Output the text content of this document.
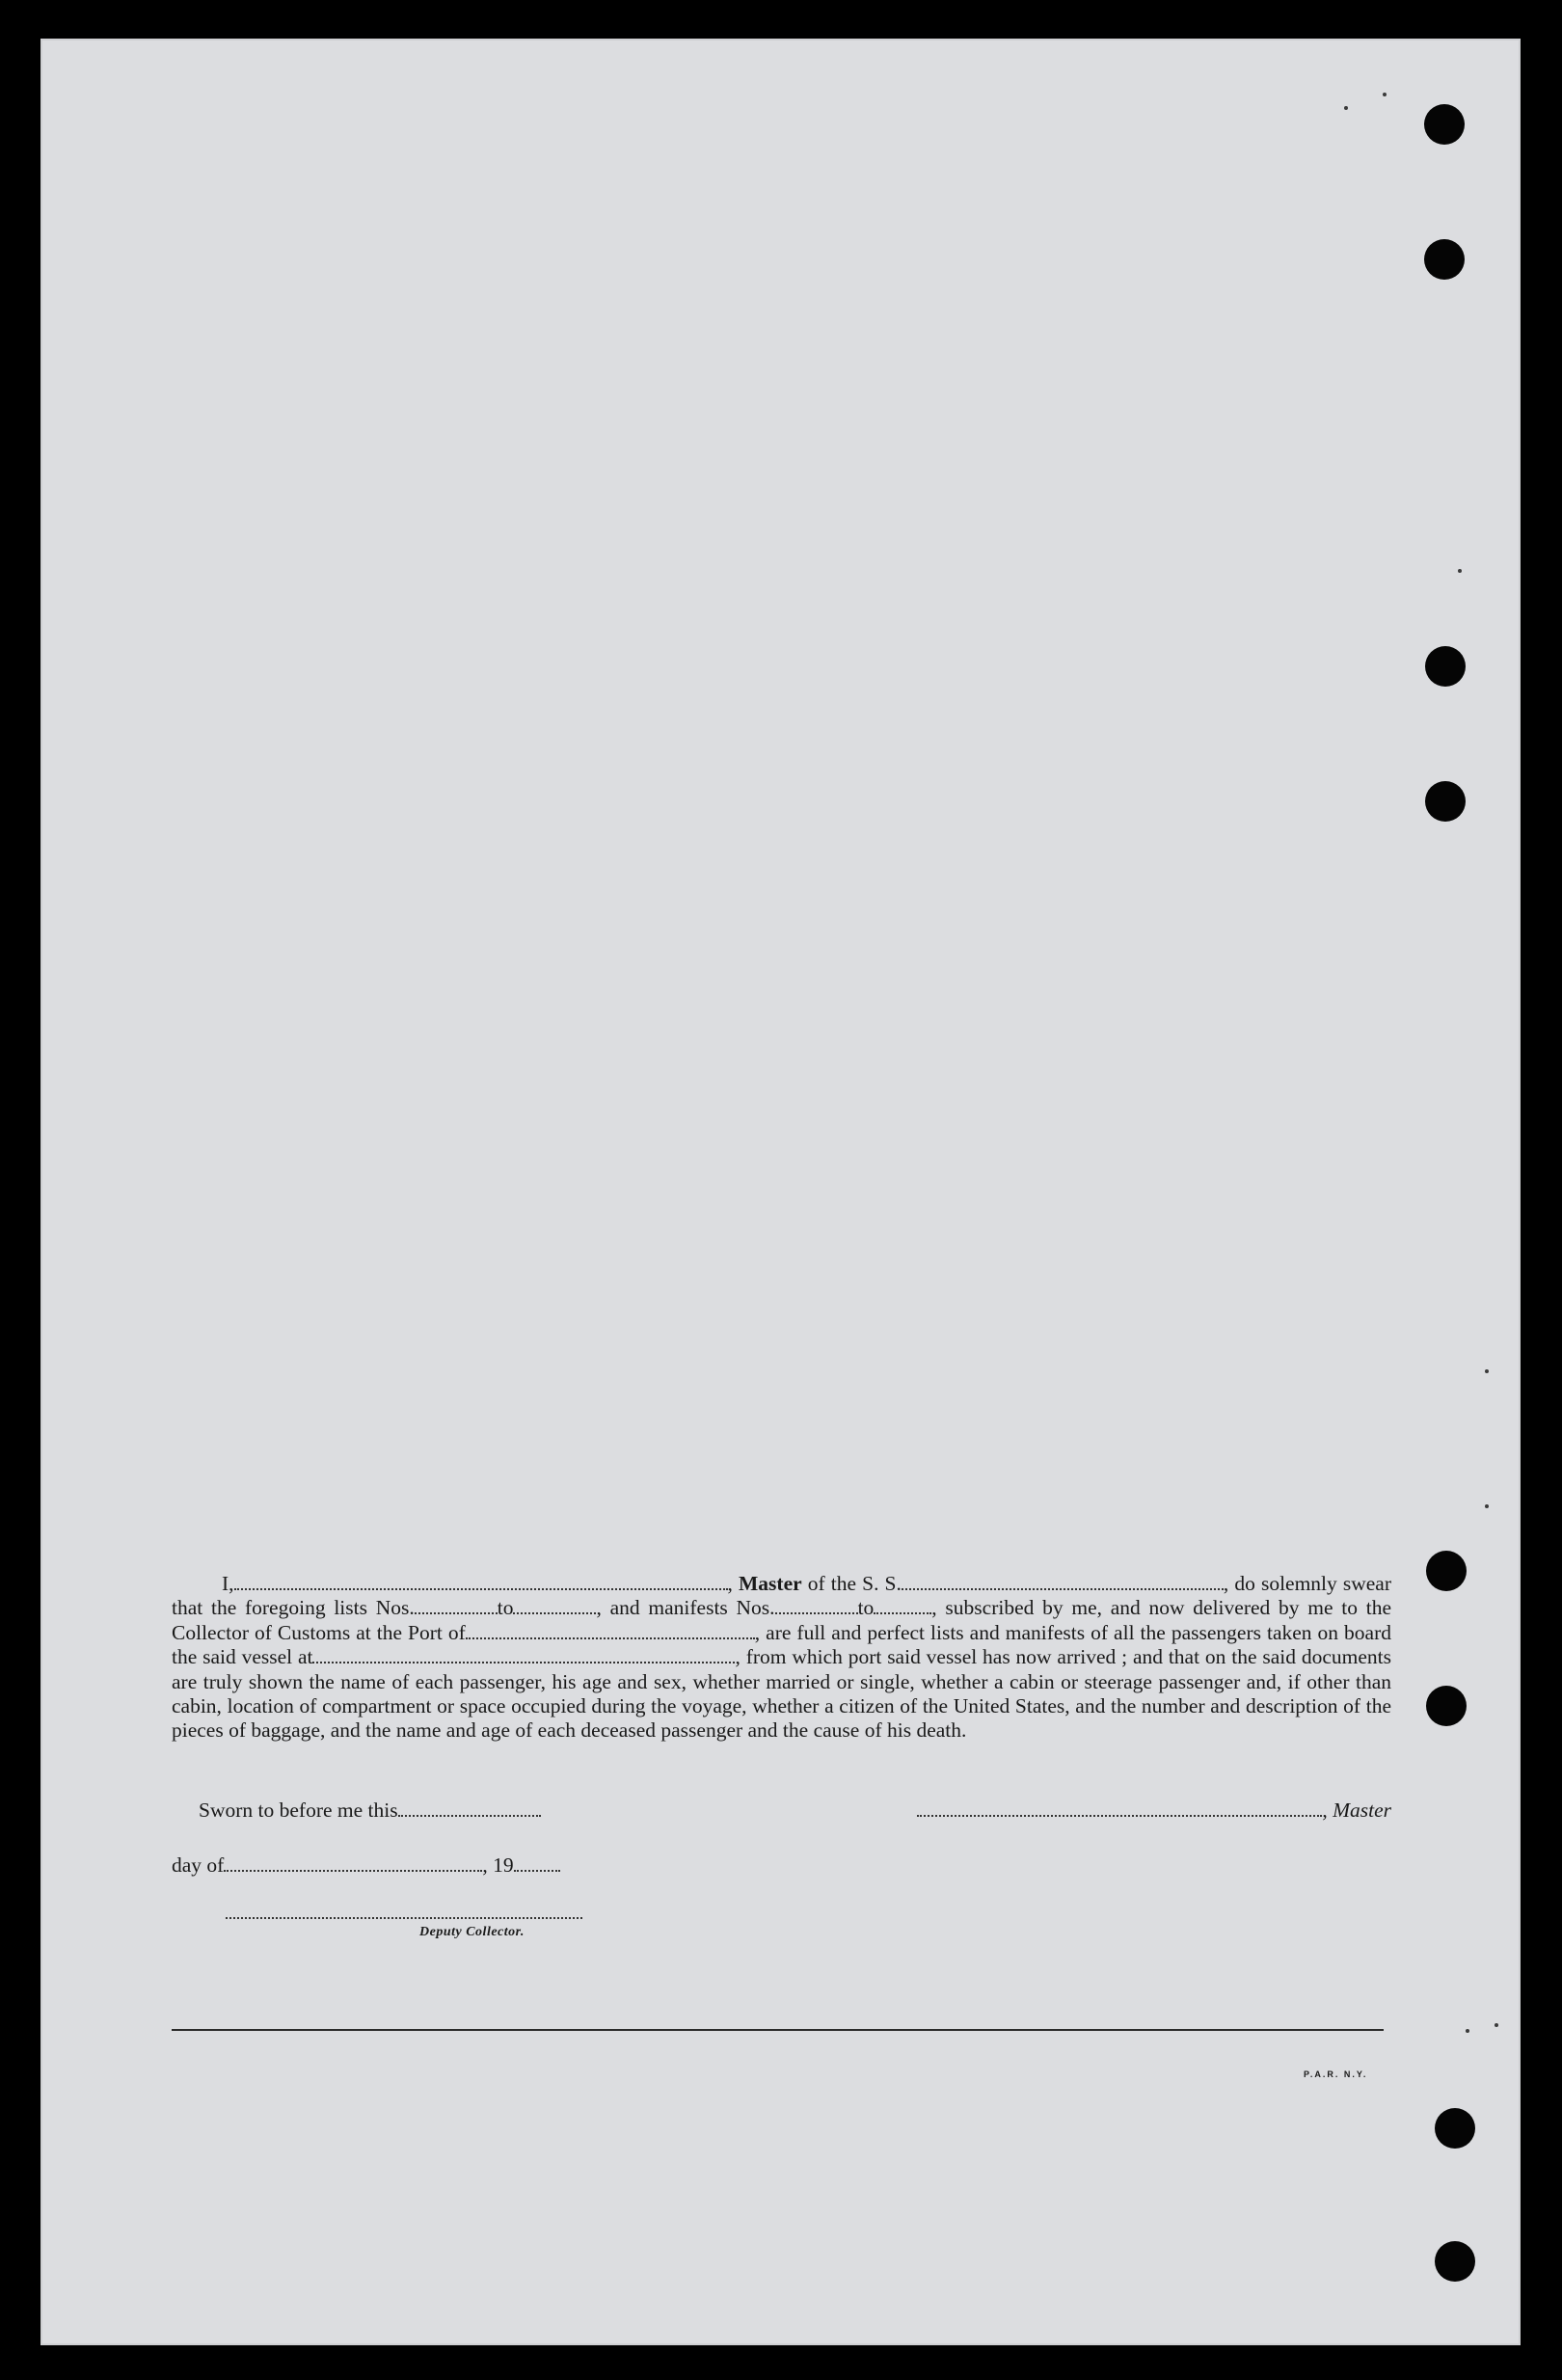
I,	, Master of the S. S.	, do solemnly swear that the foregoing lists Nos.	to	, and manifests Nos.	to	, subscribed by me, and now delivered by me to the Collector of Customs at the Port of	, are full and perfect lists and manifests of all the passengers taken on board the said vessel at	, from which port said vessel has now arrived ; and that on the said documents are truly shown the name of each passenger, his age and sex, whether married or single, whether a cabin or steerage passenger and, if other than cabin, location of compartment or space occupied during the voyage, whether a citizen of the United States, and the number and description of the pieces of baggage, and the name and age of each deceased passenger and the cause of his death.

Sworn to before me this	, Master
day of	, 19
Deputy Collector.
P.A.R. N.Y.
